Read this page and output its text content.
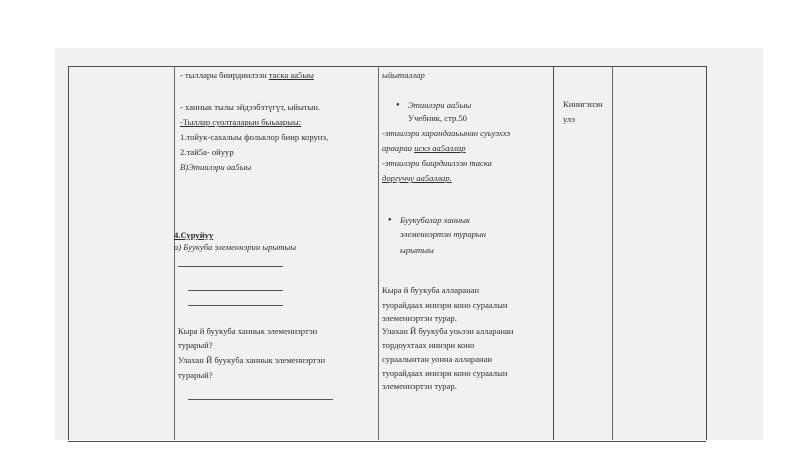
- тыллары биирдиилээн таска аа5ыы
- ханнык тылы эйдээбэтүгүт, ыйытын.
-Тыллар суолталарын быьаарыы:
1.тойук-сахалыы фольклор биир корунэ,
2.тай5а- ойуур
В)Этиилэри аа5ыы
4.Суруйуу
а) Буукуба элеменнэрин ырытыы
Кыра й буукуба ханнык элеменнэртэн
турарый?
Улахан Й буукуба ханнык элеменнэртэн
турарый?
ыйыталлар
● Этиилэри аа5ыы
Учебник, стр.50
-этиилэри харандааьынан суьуэххэ
араараи искэ аа5аллар
-этиилэри биирдиилээн таска
доргуччу аа5аллар.
● Буукубалар ханнык
элеменнэртэн турарын
ырытыы
Кыра й буукуба алларанан
туорайдаах иннэри коно сураалын
элеменнэртэн турар.
Улахан Й буукуба уоьээн алларанан
тордоухтаах иннэри коно
сураалынтан уонна алларанан
туорайдаах иннэри коно сураалын
элеменнэртэн турар.
Кинигэнэн
улэ
